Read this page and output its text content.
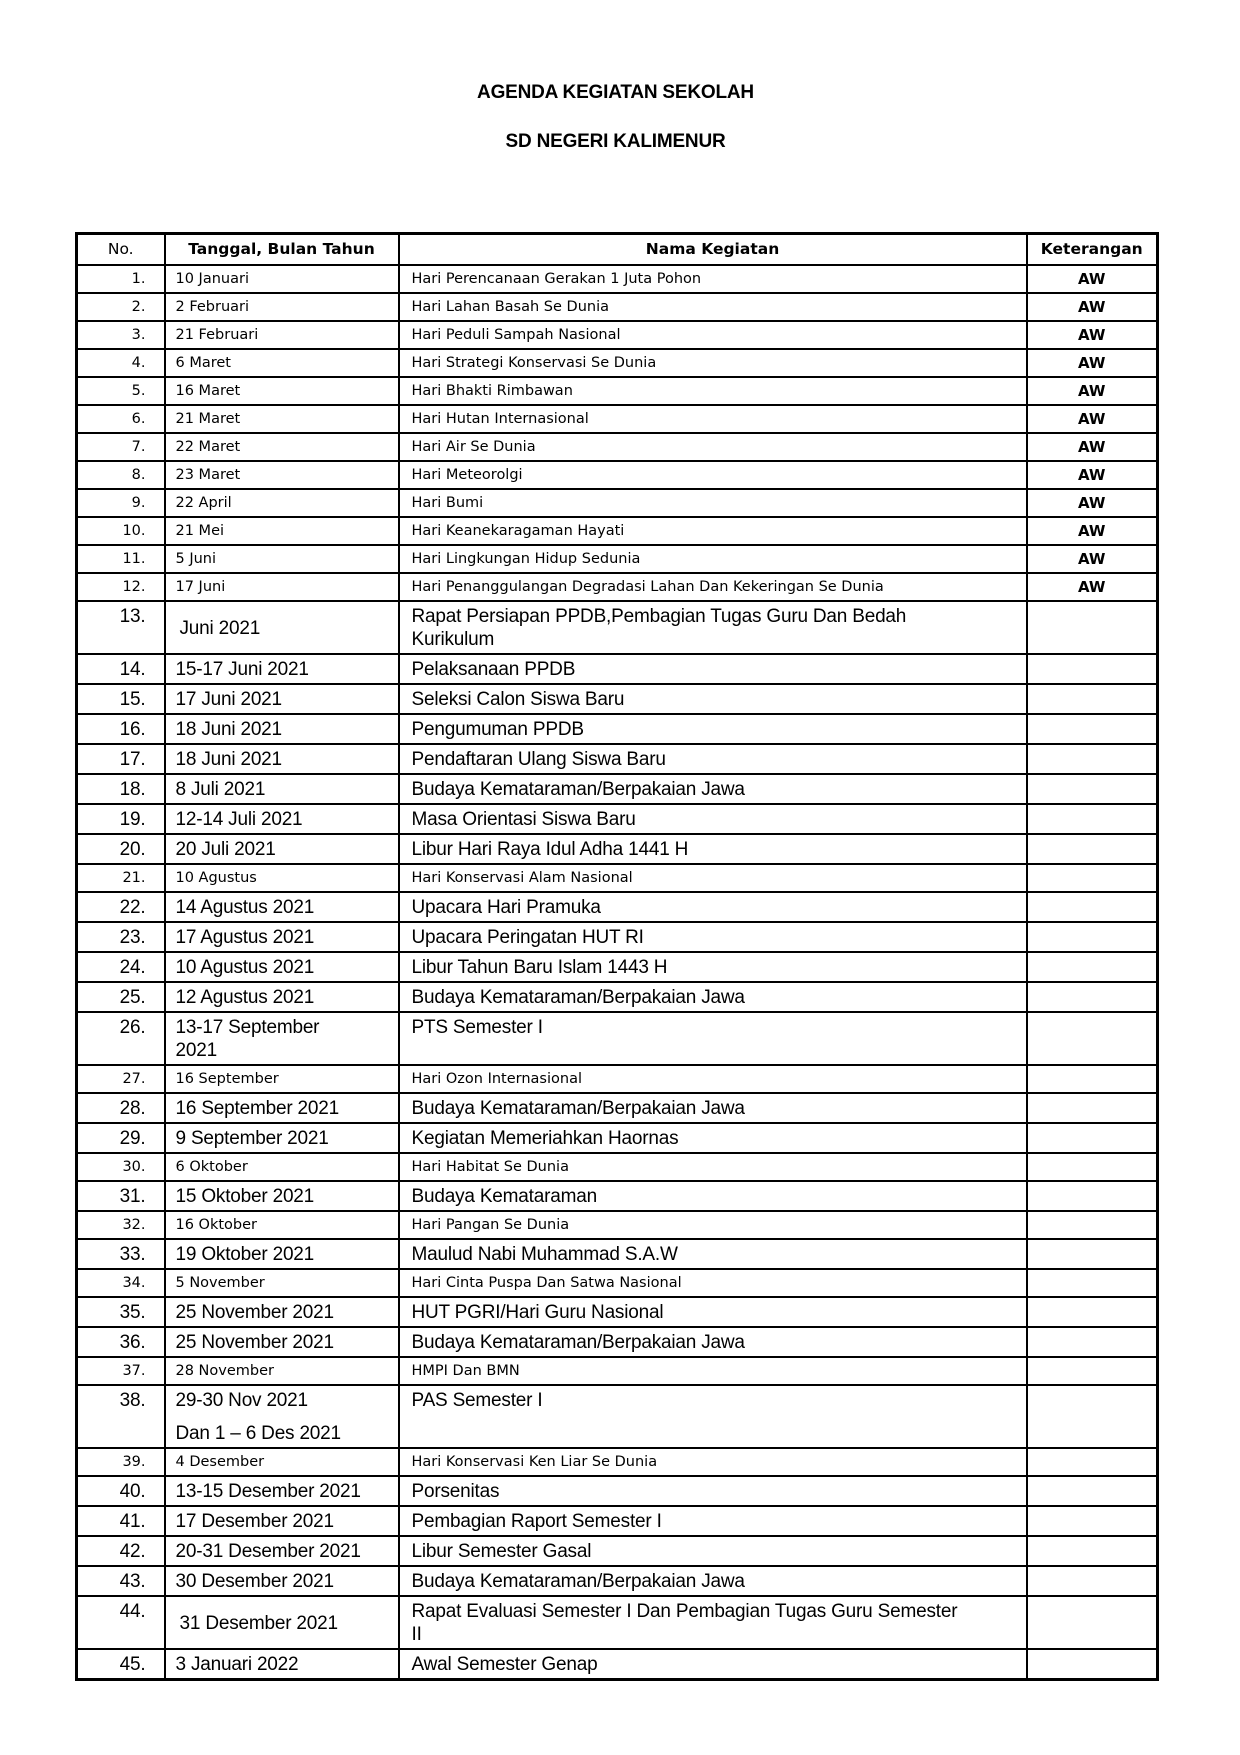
AGENDA KEGIATAN SEKOLAH
SD NEGERI KALIMENUR
No.	Tanggal, Bulan Tahun	Nama Kegiatan	Keterangan
1.	10 Januari	Hari Perencanaan Gerakan 1 Juta Pohon	AW
2.	2 Februari	Hari Lahan Basah Se Dunia	AW
3.	21 Februari	Hari Peduli Sampah Nasional	AW
4.	6 Maret	Hari Strategi Konservasi Se Dunia	AW
5.	16 Maret	Hari Bhakti Rimbawan	AW
6.	21 Maret	Hari Hutan Internasional	AW
7.	22 Maret	Hari Air Se Dunia	AW
8.	23 Maret	Hari Meteorolgi	AW
9.	22 April	Hari Bumi	AW
10.	21 Mei	Hari Keanekaragaman Hayati	AW
11.	5 Juni	Hari Lingkungan Hidup Sedunia	AW
12.	17 Juni	Hari Penanggulangan Degradasi Lahan Dan Kekeringan Se Dunia	AW
13.	Juni 2021	Rapat Persiapan PPDB,Pembagian Tugas Guru Dan Bedah
Kurikulum	

14.	15-17 Juni 2021	Pelaksanaan PPDB	

15.	17 Juni 2021	Seleksi Calon Siswa Baru	

16.	18 Juni 2021	Pengumuman PPDB	

17.	18 Juni 2021	Pendaftaran Ulang Siswa Baru	

18.	8 Juli 2021	Budaya Kemataraman/Berpakaian Jawa	

19.	12-14 Juli 2021	Masa Orientasi Siswa Baru	

20.	20 Juli 2021	Libur Hari Raya Idul Adha 1441 H	

21.	10 Agustus	Hari Konservasi Alam Nasional	

22.	14 Agustus 2021	Upacara Hari Pramuka	

23.	17 Agustus 2021	Upacara Peringatan HUT RI	

24.	10 Agustus 2021	Libur Tahun Baru Islam 1443 H	

25.	12 Agustus 2021	Budaya Kemataraman/Berpakaian Jawa	

26.	13-17 September
2021	PTS Semester I	

27.	16 September	Hari Ozon Internasional	

28.	16 September 2021	Budaya Kemataraman/Berpakaian Jawa	

29.	9 September 2021	Kegiatan Memeriahkan Haornas	

30.	6 Oktober	Hari Habitat Se Dunia	

31.	15 Oktober 2021	Budaya Kemataraman	

32.	16 Oktober	Hari Pangan Se Dunia	

33.	19 Oktober 2021	Maulud Nabi Muhammad S.A.W	

34.	5 November	Hari Cinta Puspa Dan Satwa Nasional	

35.	25 November 2021	HUT PGRI/Hari Guru Nasional	

36.	25 November 2021	Budaya Kemataraman/Berpakaian Jawa	

37.	28 November	HMPI Dan BMN	

38.	29-30 Nov 2021
Dan 1 – 6 Des 2021	PAS Semester I	

39.	4 Desember	Hari Konservasi Ken Liar Se Dunia	

40.	13-15 Desember 2021	Porsenitas	

41.	17 Desember 2021	Pembagian Raport Semester I	

42.	20-31 Desember 2021	Libur Semester Gasal	

43.	30 Desember 2021	Budaya Kemataraman/Berpakaian Jawa	

44.	31 Desember 2021	Rapat Evaluasi Semester I Dan Pembagian Tugas Guru Semester
II	

45.	3 Januari 2022	Awal Semester Genap	
